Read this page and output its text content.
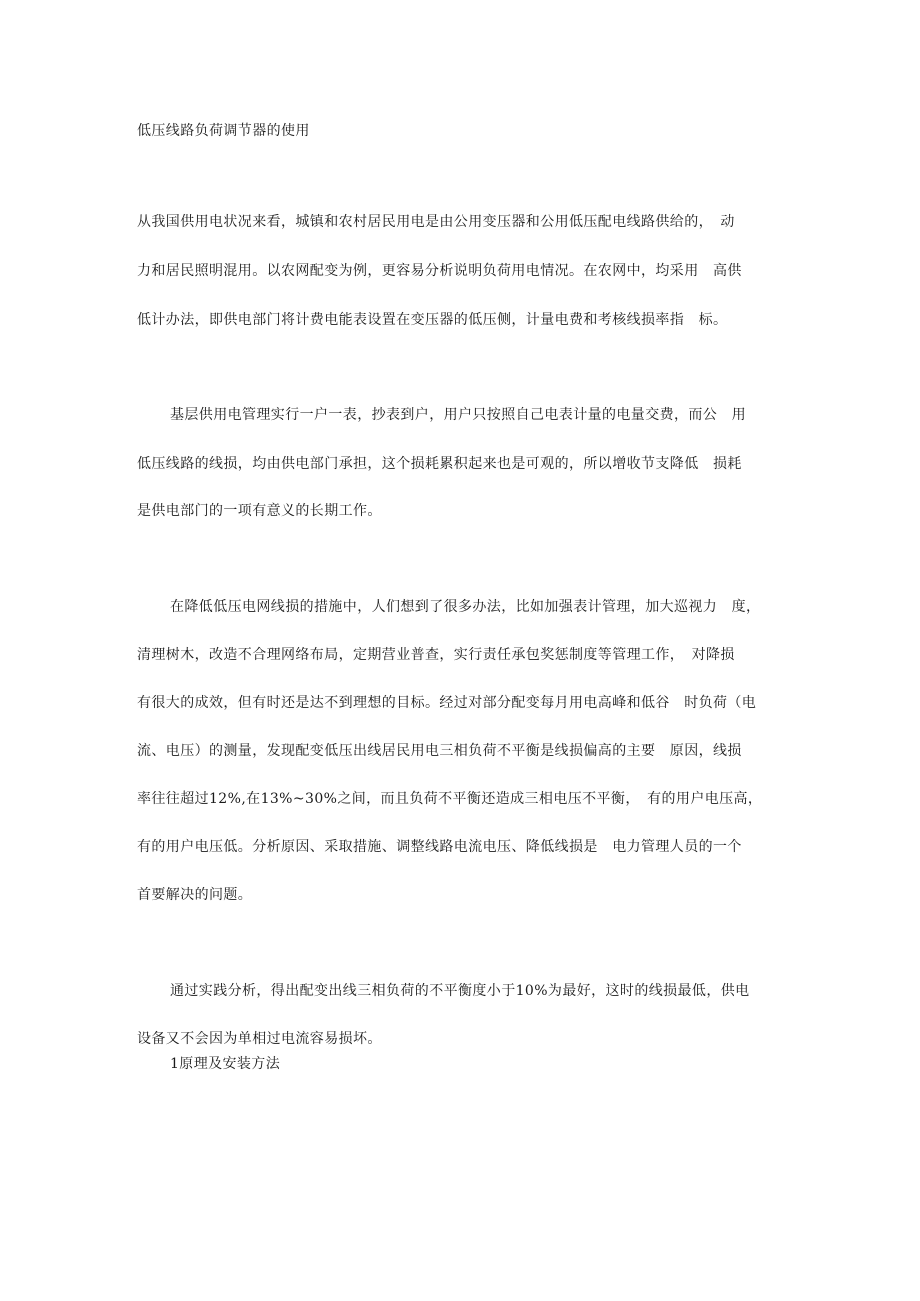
低压线路负荷调节器的使用
从我国供用电状况来看，城镇和农村居民用电是由公用变压器和公用低压配电线路供给的，　动
力和居民照明混用。以农网配变为例，更容易分析说明负荷用电情况。在农网中，均采用　高供
低计办法，即供电部门将计费电能表设置在变压器的低压侧，计量电费和考核线损率指　标。
基层供用电管理实行一户一表，抄表到户，用户只按照自己电表计量的电量交费，而公　用
低压线路的线损，均由供电部门承担，这个损耗累积起来也是可观的，所以增收节支降低　损耗
是供电部门的一项有意义的长期工作。
在降低低压电网线损的措施中，人们想到了很多办法，比如加强表计管理，加大巡视力　度，
清理树木，改造不合理网络布局，定期营业普查，实行责任承包奖惩制度等管理工作，　对降损
有很大的成效，但有时还是达不到理想的目标。经过对部分配变每月用电高峰和低谷　时负荷（电
流、电压）的测量，发现配变低压出线居民用电三相负荷不平衡是线损偏高的主要　原因，线损
率往往超过12%,在13%~30%之间，而且负荷不平衡还造成三相电压不平衡，　有的用户电压高，
有的用户电压低。分析原因、采取措施、调整线路电流电压、降低线损是　电力管理人员的一个
首要解决的问题。
通过实践分析，得出配变出线三相负荷的不平衡度小于10%为最好，这时的线损最低，供电
设备又不会因为单相过电流容易损坏。
1原理及安装方法
